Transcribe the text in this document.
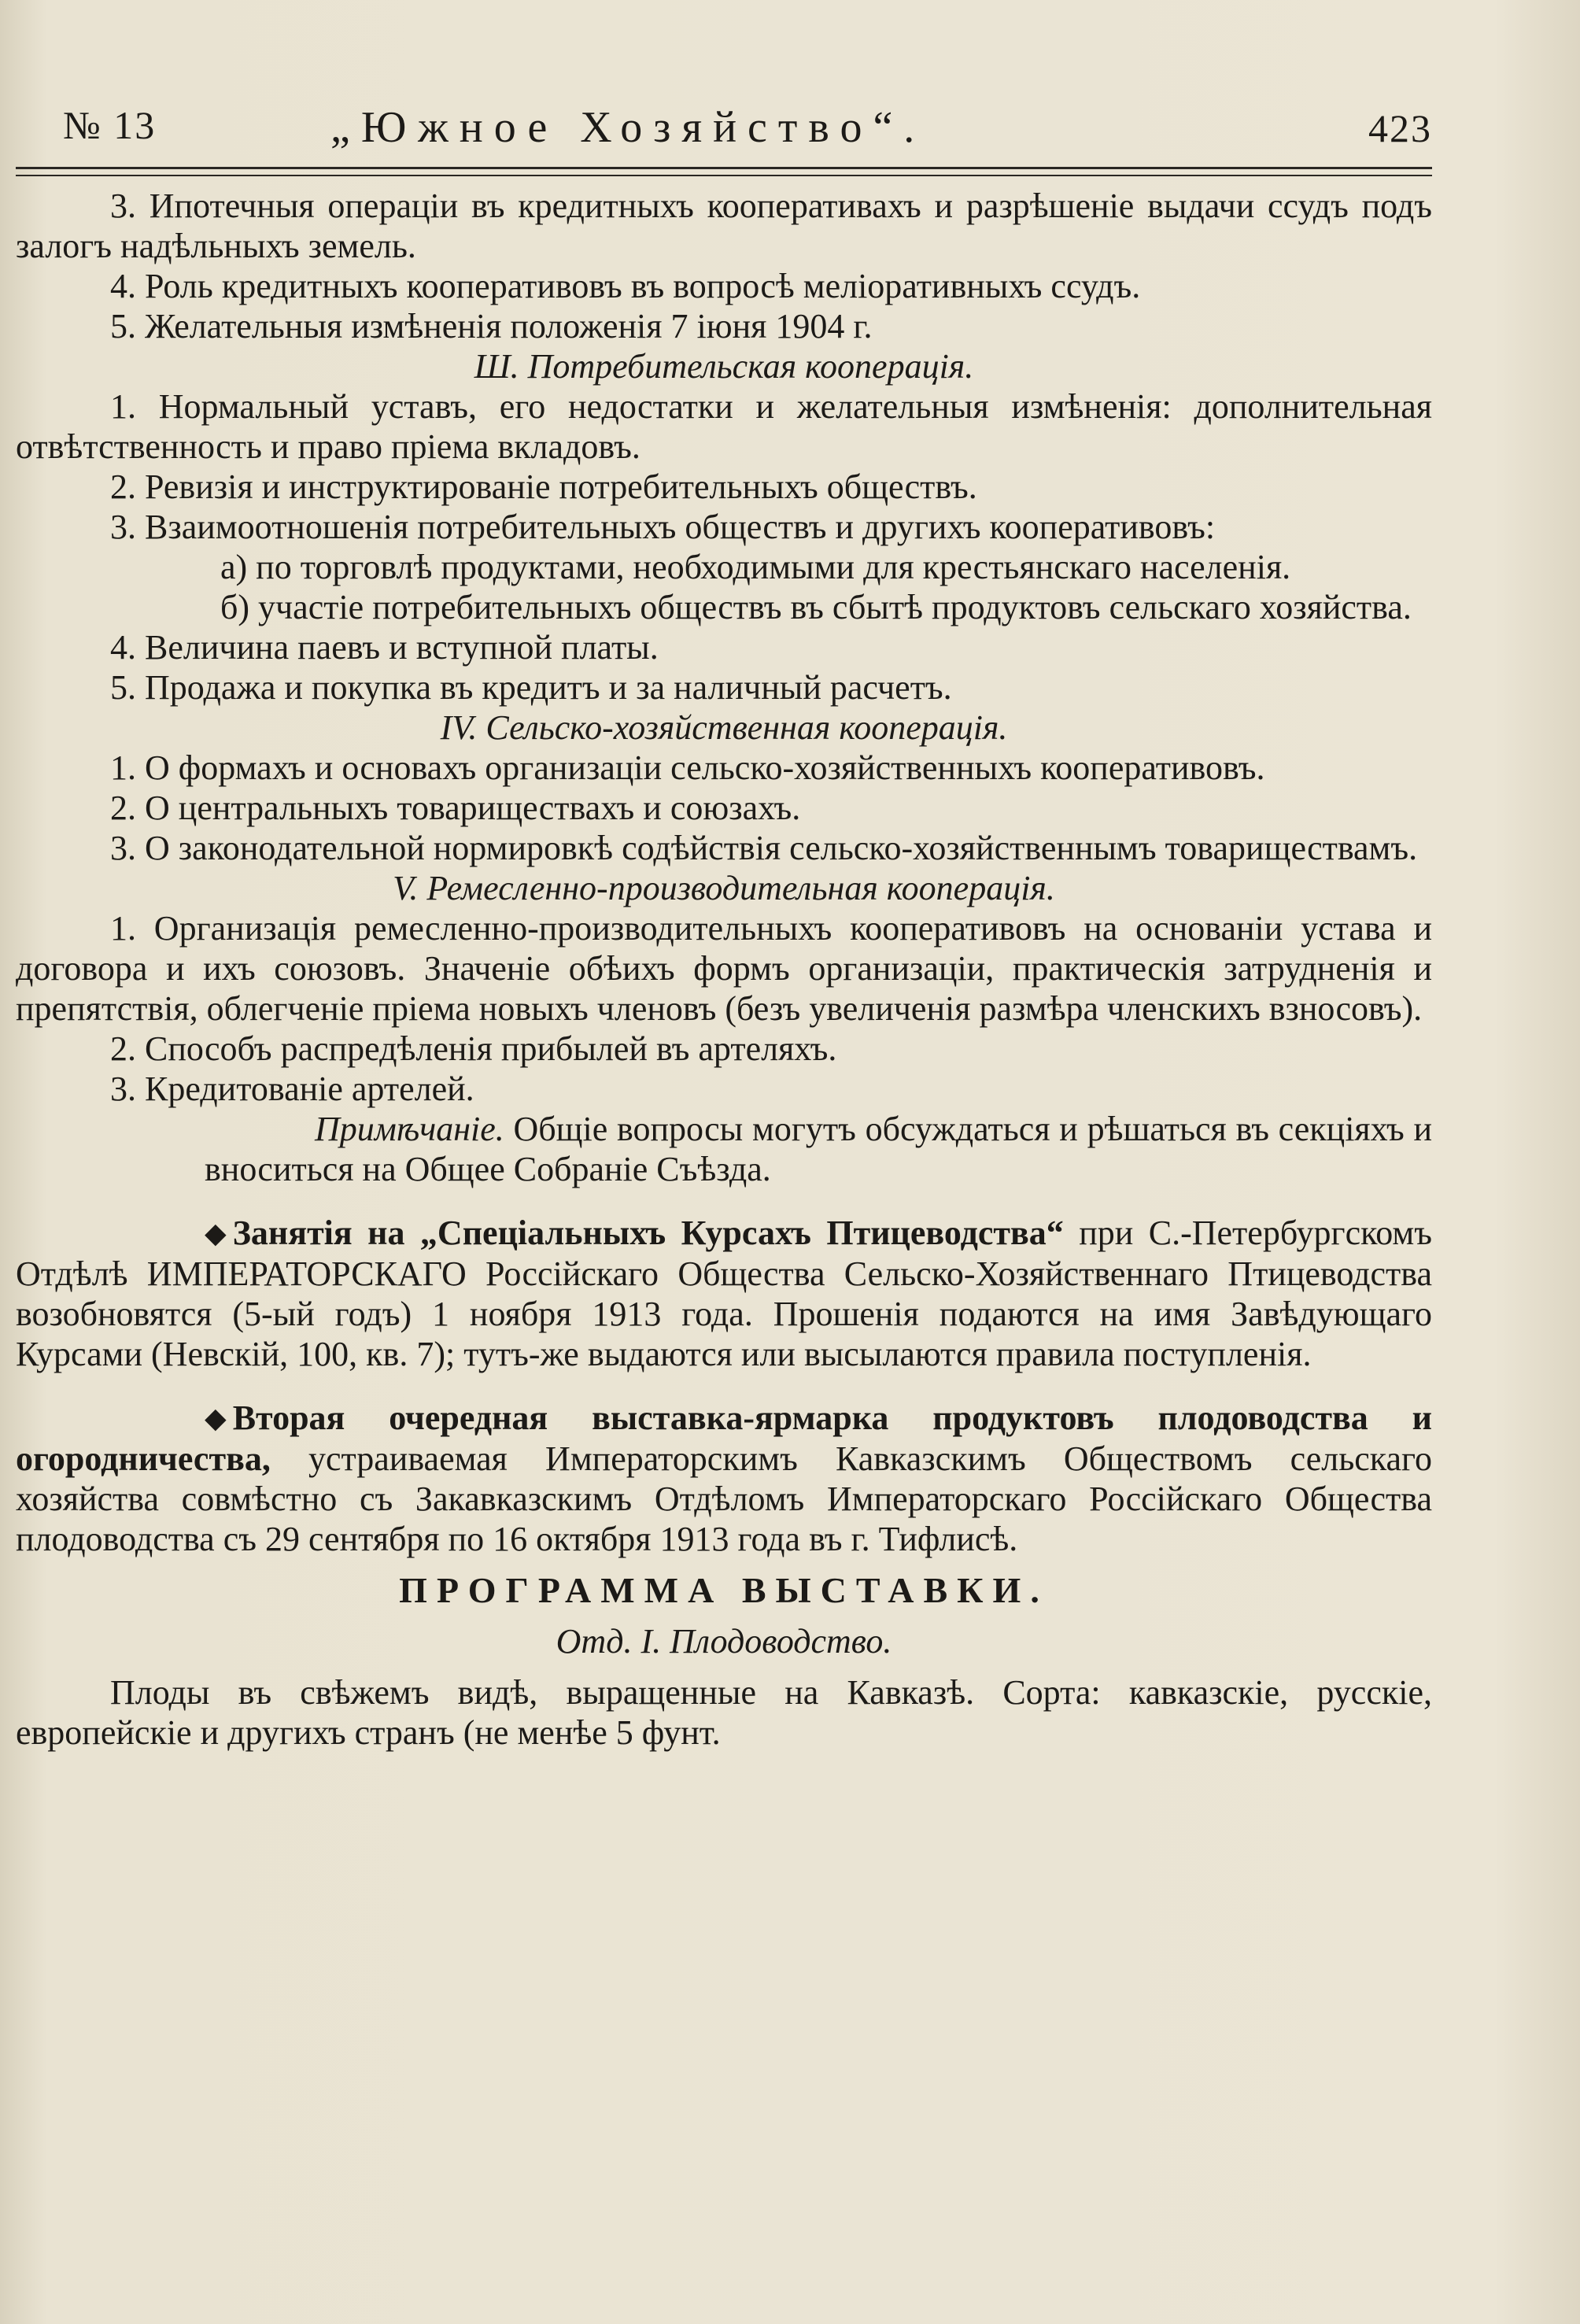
№ 13	„Южное Хозяйство“.	423

3. Ипотечныя операціи въ кредитныхъ кооперативахъ и разрѣшеніе выдачи ссудъ подъ залогъ надѣльныхъ земель.

4. Роль кредитныхъ кооперативовъ въ вопросѣ меліоративныхъ ссудъ.

5. Желательныя измѣненія положенія 7 іюня 1904 г.

Ш. Потребительская кооперація.

1. Нормальный уставъ, его недостатки и желательныя измѣненія: дополнительная отвѣтственность и право пріема вкладовъ.

2. Ревизія и инструктированіе потребительныхъ обществъ.

3. Взаимоотношенія потребительныхъ обществъ и другихъ кооперативовъ:

а) по торговлѣ продуктами, необходимыми для крестьянскаго населенія.

б) участіе потребительныхъ обществъ въ сбытѣ продуктовъ сельскаго хозяйства.

4. Величина паевъ и вступной платы.

5. Продажа и покупка въ кредитъ и за наличный расчетъ.

IV. Сельско-хозяйственная кооперація.

1. О формахъ и основахъ организаціи сельско-хозяйственныхъ кооперативовъ.

2. О центральныхъ товариществахъ и союзахъ.

3. О законодательной нормировкѣ содѣйствія сельско-хозяйственнымъ товариществамъ.

V. Ремесленно-производительная кооперація.

1. Организація ремесленно-производительныхъ кооперативовъ на основаніи устава и договора и ихъ союзовъ. Значеніе обѣихъ формъ организаціи, практическія затрудненія и препятствія, облегченіе пріема новыхъ членовъ (безъ увеличенія размѣра членскихъ взносовъ).

2. Способъ распредѣленія прибылей въ артеляхъ.

3. Кредитованіе артелей.

Примѣчаніе. Общіе вопросы могутъ обсуждаться и рѣшаться въ секціяхъ и вноситься на Общее Собраніе Съѣзда.

◆ Занятія на „Спеціальныхъ Курсахъ Птицеводства“ при С.-Петербургскомъ Отдѣлѣ ИМПЕРАТОРСКАГО Россійскаго Общества Сельско-Хозяйственнаго Птицеводства возобновятся (5-ый годъ) 1 ноября 1913 года. Прошенія подаются на имя Завѣдующаго Курсами (Невскій, 100, кв. 7); тутъ-же выдаются или высылаются правила поступленія.

◆ Вторая очередная выставка-ярмарка продуктовъ плодоводства и огородничества, устраиваемая Императорскимъ Кавказскимъ Обществомъ сельскаго хозяйства совмѣстно съ Закавказскимъ Отдѣломъ Императорскаго Россійскаго Общества плодоводства съ 29 сентября по 16 октября 1913 года въ г. Тифлисѣ.

ПРОГРАММА ВЫСТАВКИ.

Отд. I. Плодоводство.

Плоды въ свѣжемъ видѣ, выращенные на Кавказѣ. Сорта: кавказскіе, русскіе, европейскіе и другихъ странъ (не менѣе 5 фунт.
